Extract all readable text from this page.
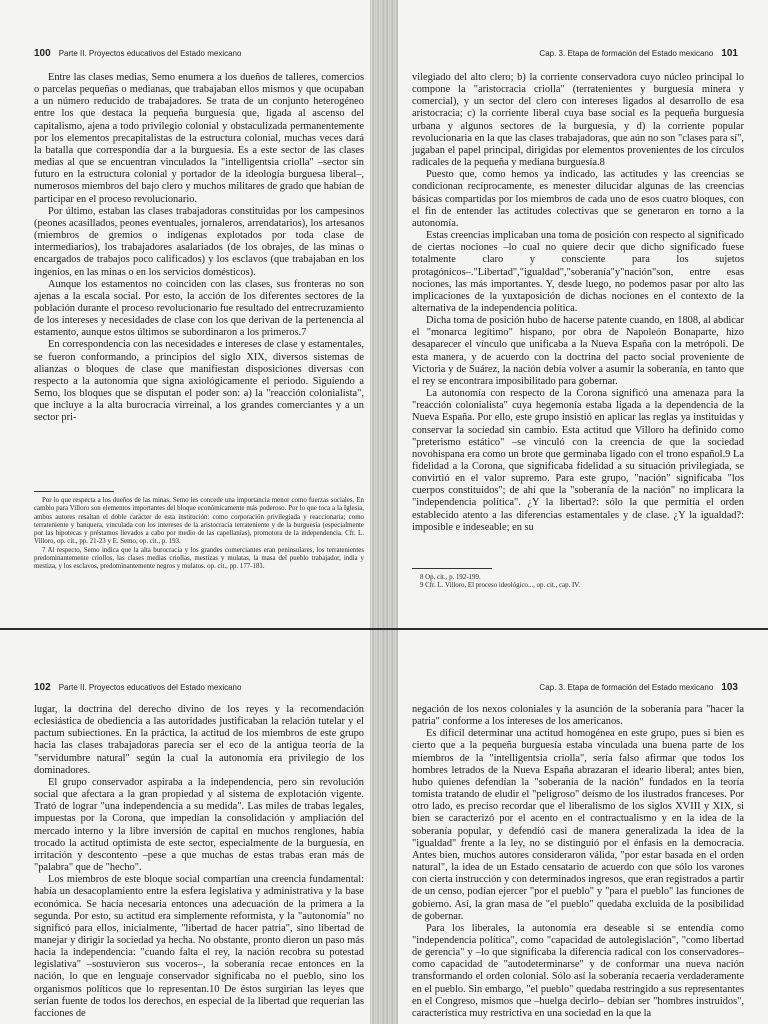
100 Parte II. Proyectos educativos del Estado mexicano

Entre las clases medias, Semo enumera a los dueños de talleres, comercios o parcelas pequeñas o medianas, que trabajaban ellos mismos y que ocupaban a un número reducido de trabajadores. Se trata de un conjunto heterogéneo entre los que destaca la pequeña burguesía que, ligada al ascenso del capitalismo, ajena a todo privilegio colonial y obstaculizada permanentemente por los elementos precapitalistas de la estructura colonial, muchas veces dará la batalla que correspondía dar a la burguesía. Es a este sector de las clases medias al que se encuentran vinculados la "intelligentsia criolla" –sector sin futuro en la estructura colonial y portador de la ideología burguesa liberal–, numerosos miembros del bajo clero y muchos militares de grado que habían de participar en el proceso revolucionario.

Por último, estaban las clases trabajadoras constituidas por los campesinos (peones acasillados, peones eventuales, jornaleros, arrendatarios), los artesanos (miembros de gremios o indígenas explotados por toda clase de intermediarios), los trabajadores asalariados (de los obrajes, de las minas o encargados de trabajos poco calificados) y los esclavos (que trabajaban en los ingenios, en las minas o en los servicios domésticos).

Aunque los estamentos no coinciden con las clases, sus fronteras no son ajenas a la escala social. Por esto, la acción de los diferentes sectores de la población durante el proceso revolucionario fue resultado del entrecruzamiento de los intereses y necesidades de clase con los que derivan de la pertenencia al estamento, aunque estos últimos se subordinaron a los primeros.7

En correspondencia con las necesidades e intereses de clase y estamentales, se fueron conformando, a principios del siglo XIX, diversos sistemas de alianzas o bloques de clase que manifiestan disposiciones diversas con respecto a la autonomía que signa axiológicamente el periodo. Siguiendo a Semo, los bloques que se disputan el poder son: a) la "reacción colonialista", que incluye a la alta burocracia virreinal, a los grandes comerciantes y a un sector pri-

Por lo que respecta a los dueños de las minas, Semo les concede una importancia menor como fuerzas sociales. En cambio para Villoro son elementos importantes del bloque económicamente más poderoso. Por lo que toca a la Iglesia, ambos autores resaltan el doble carácter de esta institución: como corporación privilegiada y reaccionaria; como terrateniente y banquera, vinculada con los intereses de la aristocracia terrateniente y de la burguesía (especialmente por las hipotecas y préstamos llevados a cabo por medio de las capellanías), promotora de la independencia. Cfr. L. Villoro, op. cit., pp. 21-23 y E. Semo, op. cit., p. 193.

7 Al respecto, Semo indica que la alta burocracia y los grandes comerciantes eran peninsulares, los terratenientes predominantemente criollos, las clases medias criollas, mestizas y mulatas, la masa del pueblo trabajador, india y mestiza, y los esclavos, predominantemente negros y mulatos. op. cit., pp. 177-181.

Cap. 3. Etapa de formación del Estado mexicano 101

vilegiado del alto clero; b) la corriente conservadora cuyo núcleo principal lo compone la "aristocracia criolla" (terratenientes y burguesía minera y comercial), y un sector del clero con intereses ligados al desarrollo de esa aristocracia; c) la corriente liberal cuya base social es la pequeña burguesía urbana y algunos sectores de la burguesía, y d) la corriente popular revolucionaria en la que las clases trabajadoras, que aún no son "clases para sí", jugaban el papel principal, dirigidas por elementos provenientes de los círculos radicales de la pequeña y mediana burguesía.8

Puesto que, como hemos ya indicado, las actitudes y las creencias se condicionan recíprocamente, es menester dilucidar algunas de las creencias básicas compartidas por los miembros de cada uno de esos cuatro bloques, con el fin de entender las actitudes colectivas que se generaron en torno a la autonomía.

Estas creencias implicaban una toma de posición con respecto al significado de ciertas nociones –lo cual no quiere decir que dicho significado fuese totalmente claro y consciente para los sujetos protagónicos–."Libertad","igualdad","soberanía"y"nación"son, entre esas nociones, las más importantes. Y, desde luego, no podemos pasar por alto las implicaciones de la yuxtaposición de dichas nociones en el contexto de la alternativa de la independencia política.

Dicha toma de posición hubo de hacerse patente cuando, en 1808, al abdicar el "monarca legítimo" hispano, por obra de Napoleón Bonaparte, hizo desaparecer el vínculo que unificaba a la Nueva España con la metrópoli. De esta manera, y de acuerdo con la doctrina del pacto social proveniente de Victoria y de Suárez, la nación debía volver a asumir la soberanía, en tanto que el rey se encontrara imposibilitado para gobernar.

La autonomía con respecto de la Corona significó una amenaza para la "reacción colonialista" cuya hegemonía estaba ligada a la dependencia de la Nueva España. Por ello, este grupo insistió en aplicar las reglas ya instituidas y conservar la sociedad sin cambio. Esta actitud que Villoro ha definido como "preterismo estático" –se vinculó con la creencia de que la sociedad novohispana era como un brote que germinaba ligado con el trono español.9 La fidelidad a la Corona, que significaba fidelidad a su situación privilegiada, se convirtió en el valor supremo. Para este grupo, "nación" significaba "los cuerpos constituidos"; de ahí que la "soberanía de la nación" no implicara la "independencia política". ¿Y la libertad?: sólo la que permitía el orden establecido atento a las diferencias estamentales y de clase. ¿Y la igualdad?: imposible e indeseable; en su

8 Op. cit., p. 192-199.

9 Cfr. L. Villoro, El proceso ideológico..., op. cit., cap. IV.

102 Parte II. Proyectos educativos del Estado mexicano

lugar, la doctrina del derecho divino de los reyes y la recomendación eclesiástica de obediencia a las autoridades justificaban la relación tutelar y el pactum subiectiones. En la práctica, la actitud de los miembros de este grupo hacia las clases trabajadoras parecía ser el eco de la antigua teoría de la "servidumbre natural" según la cual la autonomía era privilegio de los dominadores.

El grupo conservador aspiraba a la independencia, pero sin revolución social que afectara a la gran propiedad y al sistema de explotación vigente. Trató de lograr "una independencia a su medida". Las miles de trabas legales, impuestas por la Corona, que impedían la consolidación y ampliación del mercado interno y la libre inversión de capital en muchos renglones, había trocado la actitud optimista de este sector, especialmente de la burguesía, en irritación y descontento –pese a que muchas de estas trabas eran más de "palabra" que de "hecho".

Los miembros de este bloque social compartían una creencia fundamental: había un desacoplamiento entre la esfera legislativa y administrativa y la base económica. Se hacía necesaria entonces una adecuación de la primera a la segunda. Por esto, su actitud era simplemente reformista, y la "autonomía" no significó para ellos, inicialmente, "libertad de hacer patria", sino libertad de manejar y dirigir la sociedad ya hecha. No obstante, pronto dieron un paso más hacia la independencia: "cuando falta el rey, la nación recobra su potestad legislativa" –sostuvieron sus voceros–, la soberanía recae entonces en la nación, lo que en lenguaje conservador significaba no el pueblo, sino los organismos políticos que lo representan.10 De éstos surgirían las leyes que serían fuente de todos los derechos, en especial de la libertad que requerían las facciones de

Cap. 3. Etapa de formación del Estado mexicano 103

negación de los nexos coloniales y la asunción de la soberanía para "hacer la patria" conforme a los intereses de los americanos.

Es difícil determinar una actitud homogénea en este grupo, pues si bien es cierto que a la pequeña burguesía estaba vinculada una buena parte de los miembros de la "intelligentsia criolla", sería falso afirmar que todos los hombres letrados de la Nueva España abrazaran el ideario liberal; antes bien, hubo quienes defendían la "soberanía de la nación" fundados en la teoría tomista tratando de eludir el "peligroso" deísmo de los ilustrados franceses. Por otro lado, es preciso recordar que el liberalismo de los siglos XVIII y XIX, si bien se caracterizó por el acento en el contractualismo y en la idea de la soberanía popular, y defendió casi de manera generalizada la idea de la "igualdad" frente a la ley, no se distinguió por el énfasis en la democracia. Antes bien, muchos autores consideraron válida, "por estar basada en el orden natural", la idea de un Estado censatario de acuerdo con que sólo los varones con cierta instrucción y con determinados ingresos, que eran registrados a partir de un censo, podían ejercer "por el pueblo" y "para el pueblo" las funciones de gobierno. Así, la gran masa de "el pueblo" quedaba excluida de la posibilidad de gobernar.

Para los liberales, la autonomía era deseable si se entendía como "independencia política", como "capacidad de autolegislación", "como libertad de gerencia" y –lo que significaba la diferencia radical con los conservadores– como capacidad de "autodeterminarse" y de conformar una nueva nación transformando el orden colonial. Sólo así la soberanía recaería verdaderamente en el pueblo. Sin embargo, "el pueblo" quedaba restringido a sus representantes en el Congreso, mismos que –huelga decirlo– debían ser "hombres instruidos", característica muy restrictiva en una sociedad en la que la
